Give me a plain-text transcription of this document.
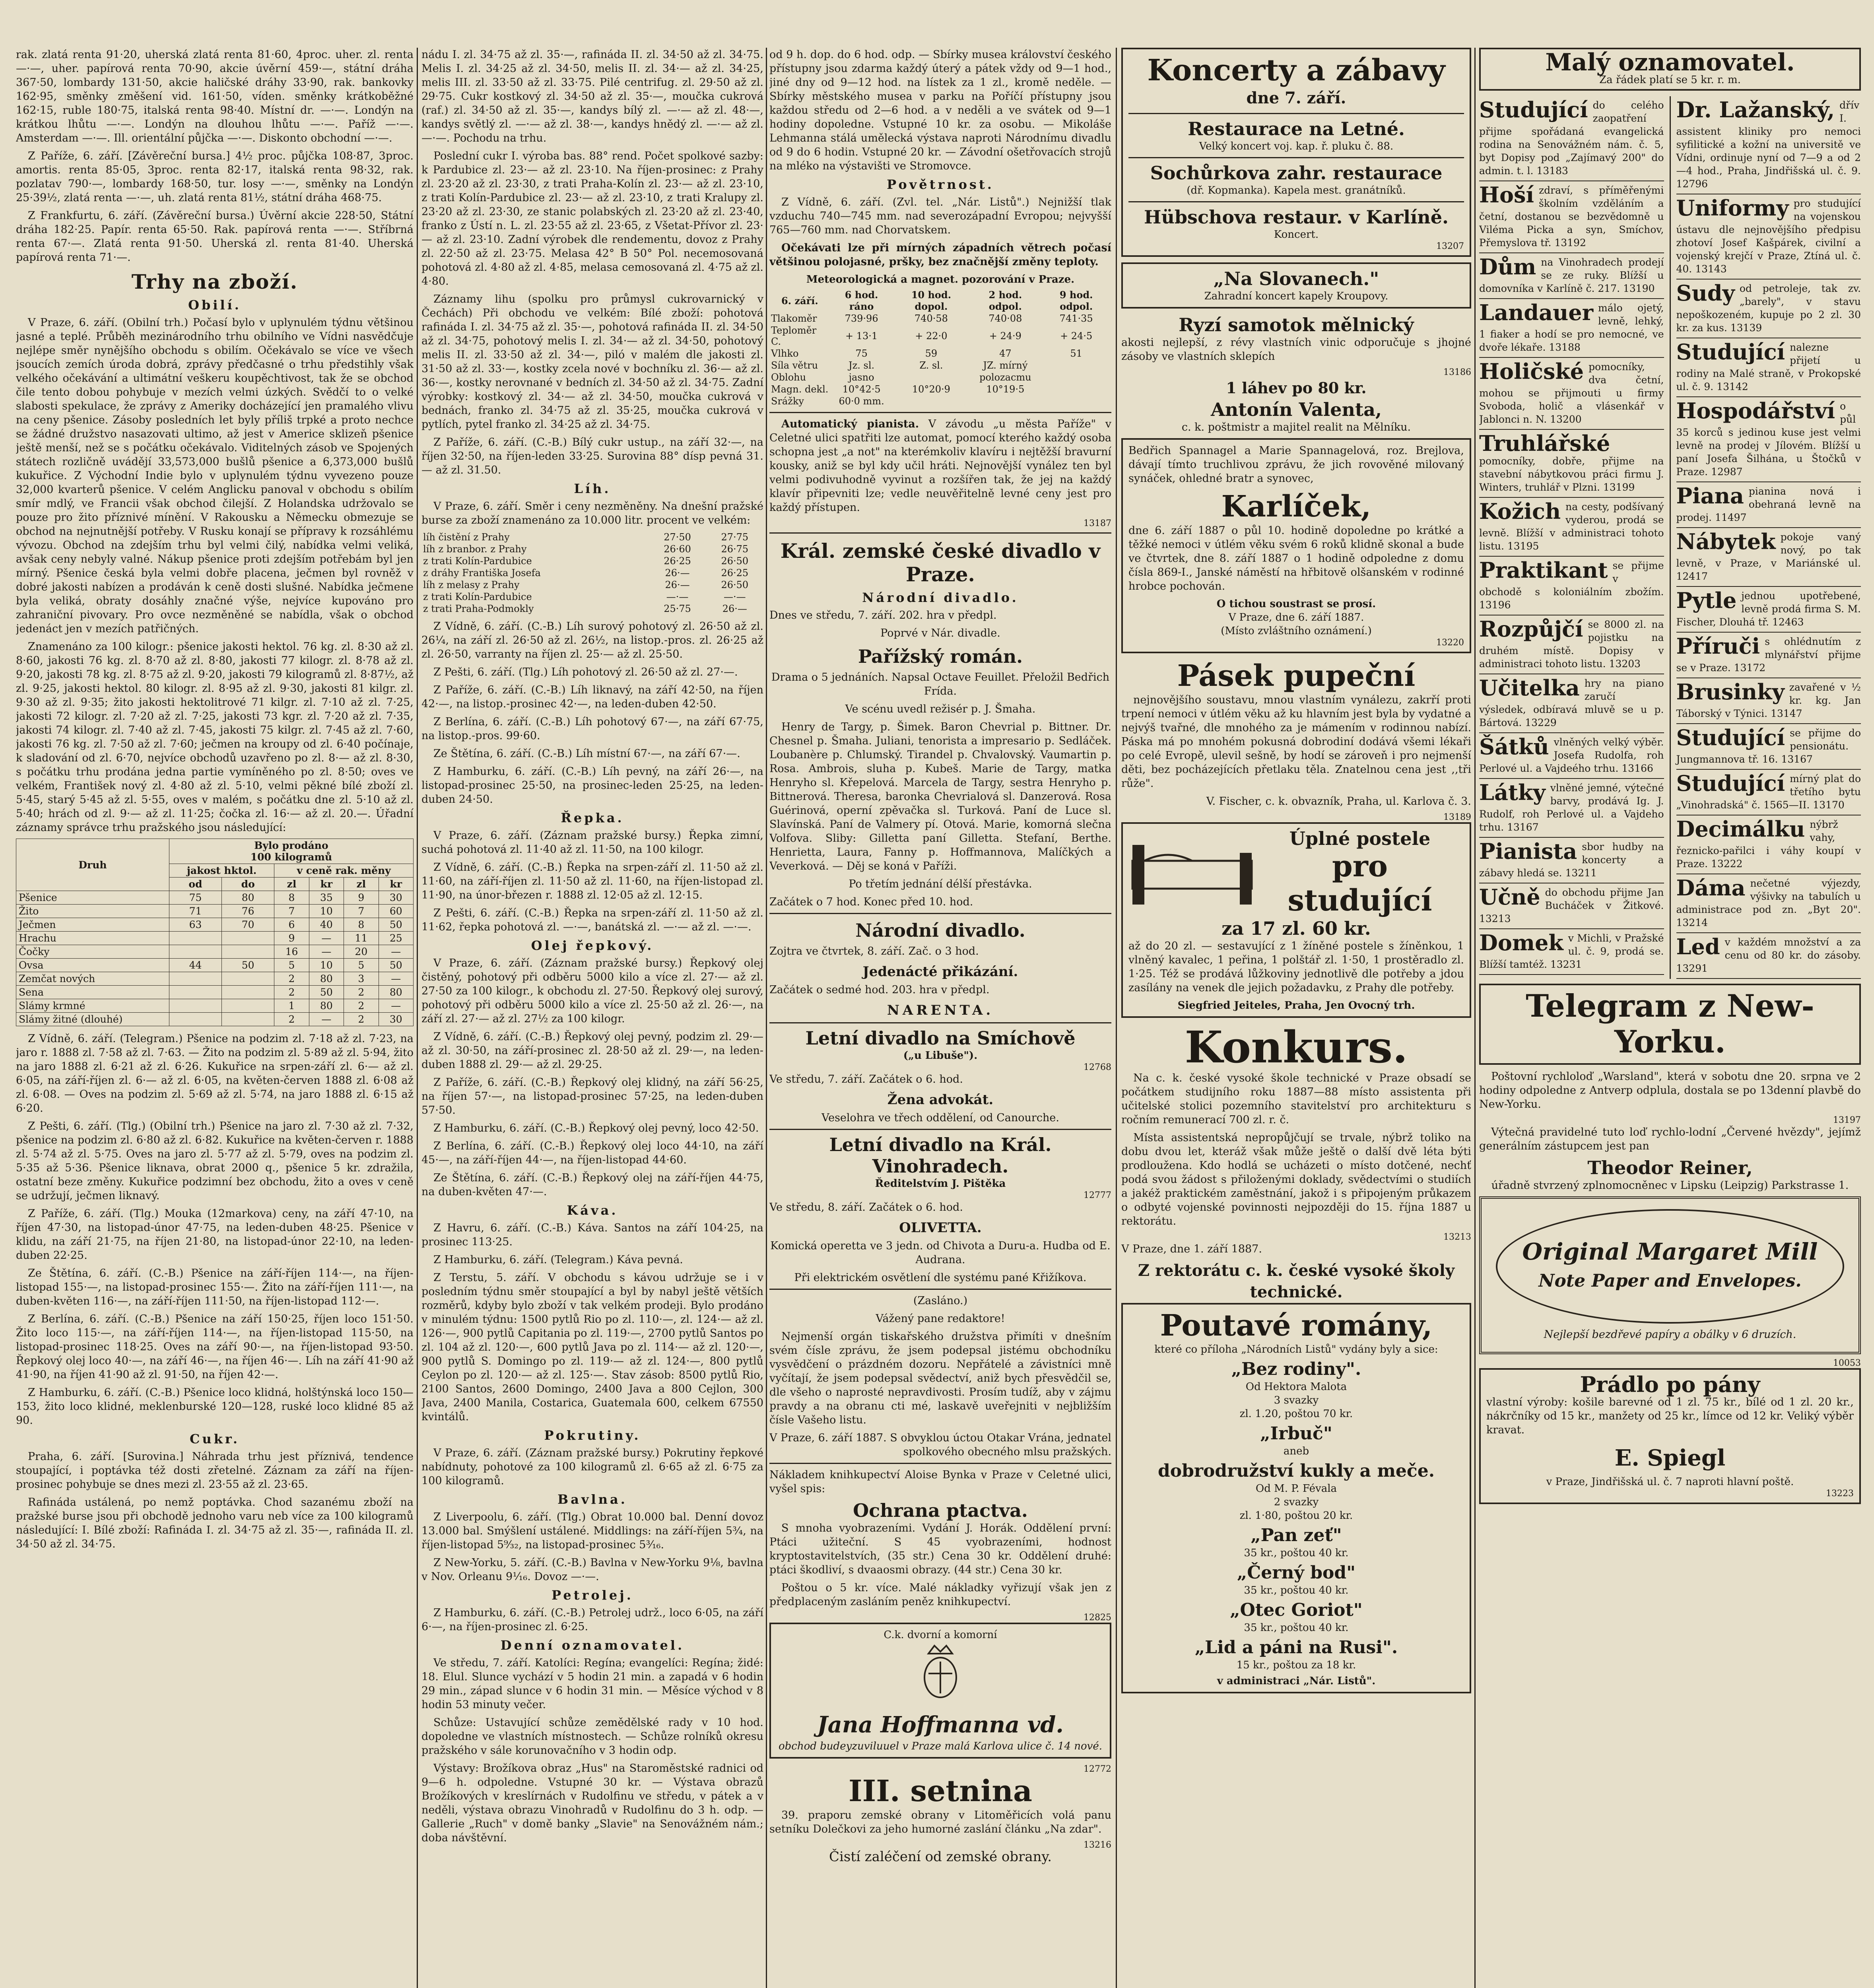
rak. zlatá renta 91·20, uherská zlatá renta 81·60, 4proc. uher. zl. renta —·—, uher. papírová renta 70·90, akcie úvěrní 459·—, státní dráha 367·50, lombardy 131·50, akcie haličské dráhy 33·90, rak. bankovky 162·95, směnky změšení vid. 161·50, víden. směnky krátkoběžné 162·15, ruble 180·75, italská renta 98·40. Místní dr. —·—. Londýn na krátkou lhůtu —·—. Londýn na dlouhou lhůtu —·—. Paříž —·—. Amsterdam —·—. Ill. orientální půjčka —·—. Diskonto obchodní —·—.

Z Paříže, 6. září. [Závěreční bursa.] 4½ proc. půjčka 108·87, 3proc. amortis. renta 85·05, 3proc. renta 82·17, italská renta 98·32, rak. pozlatav 790·—, lombardy 168·50, tur. losy —·—, směnky na Londýn 25·39½, zlatá renta —·—, uh. zlatá renta 81½, státní dráha 468·75.

Z Frankfurtu, 6. září. (Závěreční bursa.) Úvěrní akcie 228·50, Státní dráha 182·25. Papír. renta 65·50. Rak. papírová renta —·—. Stříbrná renta 67·—. Zlatá renta 91·50. Uherská zl. renta 81·40. Uherská papírová renta 71·—.

Trhy na zboží.
Obilí.

V Praze, 6. září. (Obilní trh.) Počasí bylo v uplynulém týdnu většinou jasné a teplé. Průběh mezinárodního trhu obilního ve Vídni nasvědčuje nejlépe směr nynějšího obchodu s obilím. Očekávalo se více ve všech jsoucích zemích úroda dobrá, zprávy předčasné o trhu předstihly však velkého očekávání a ultimátní veškeru koupěchtivost, tak že se obchod čile tento dobou pohybuje v mezích velmi úzkých. Svědčí to o velké slabosti spekulace, že zprávy z Ameriky docházející jen pramalého vlivu na ceny pšenice. Zásoby posledních let byly příliš trpké a proto nechce se žádné družstvo nasazovati ultimo, až jest v Americe sklizeň pšenice ještě menší, než se s počátku očekávalo. Viditelných zásob ve Spojených státech rozličně uvádějí 33,573,000 bušlů pšenice a 6,373,000 bušlů kukuřice. Z Východní Indie bylo v uplynulém týdnu vyvezeno pouze 32,000 kvarterů pšenice. V celém Anglicku panoval v obchodu s obilím smír mdlý, ve Francii však obchod čilejší. Z Holandska udržovalo se pouze pro žito příznivé mínění. V Rakousku a Německu obmezuje se obchod na nejnutnější potřeby. V Rusku konají se přípravy k rozsáhlému vývozu. Obchod na zdejším trhu byl velmi čilý, nabídka velmi veliká, avšak ceny nebyly valné. Nákup pšenice proti zdejším potřebám byl jen mírný. Pšenice česká byla velmi dobře placena, ječmen byl rovněž v dobré jakosti nabízen a prodáván k ceně dosti slušné. Nabídka ječmene byla veliká, obraty dosáhly značné výše, nejvíce kupováno pro zahraniční pivovary. Pro ovce nezměněné se nabídla, však o obchod jedenáct jen v mezích patřičných.

Znamenáno za 100 kilogr.: pšenice jakosti hektol. 76 kg. zl. 8·30 až zl. 8·60, jakosti 76 kg. zl. 8·70 až zl. 8·80, jakosti 77 kilogr. zl. 8·78 až zl. 9·20, jakosti 78 kg. zl. 8·75 až zl. 9·20, jakosti 79 kilogramů zl. 8·87½, až zl. 9·25, jakosti hektol. 80 kilogr. zl. 8·95 až zl. 9·30, jakosti 81 kilgr. zl. 9·30 až zl. 9·35; žito jakosti hektolitrové 71 kilgr. zl. 7·10 až zl. 7·25, jakosti 72 kilogr. zl. 7·20 až zl. 7·25, jakosti 73 kgr. zl. 7·20 až zl. 7·35, jakosti 74 kilogr. zl. 7·40 až zl. 7·45, jakosti 75 kilgr. zl. 7·45 až zl. 7·60, jakosti 76 kg. zl. 7·50 až zl. 7·60; ječmen na kroupy od zl. 6·40 počínaje, k sladování od zl. 6·70, nejvíce obchodů uzavřeno po zl. 8·— až zl. 8·30, s počátku trhu prodána jedna partie vymíněného po zl. 8·50; oves ve velkém, František nový zl. 4·80 až zl. 5·10, velmi pěkné bílé zboží zl. 5·45, starý 5·45 až zl. 5·55, oves v malém, s počátku dne zl. 5·10 až zl. 5·40; hrách od zl. 9·— až zl. 11·25; čočka zl. 16·— až zl. 20.—. Úřadní záznamy správce trhu pražského jsou následující:

Druh	Bylo prodáno
100 kilogramů					
	jakost hktol.		v ceně rak. měny			
	od	do	zl	kr	zl	kr
Pšenice	75	80	8	35	9	30
Žito	71	76	7	10	7	60
Ječmen	63	70	6	40	8	50
Hrachu			9	—	11	25
Čočky			16	—	20	—
Ovsa	44	50	5	10	5	50
Zemčat nových			2	80	3	—
Sena			2	50	2	80
Slámy krmné			1	80	2	—
Slámy žitné (dlouhé)			2	—	2	30

Z Vídně, 6. září. (Telegram.) Pšenice na podzim zl. 7·18 až zl. 7·23, na jaro r. 1888 zl. 7·58 až zl. 7·63. — Žito na podzim zl. 5·89 až zl. 5·94, žito na jaro 1888 zl. 6·21 až zl. 6·26. Kukuřice na srpen-září zl. 6·— až zl. 6·05, na září-říjen zl. 6·— až zl. 6·05, na květen-červen 1888 zl. 6·08 až zl. 6·08. — Oves na podzim zl. 5·69 až zl. 5·74, na jaro 1888 zl. 6·15 až 6·20.

Z Pešti, 6. září. (Tlg.) (Obilní trh.) Pšenice na jaro zl. 7·30 až zl. 7·32, pšenice na podzim zl. 6·80 až zl. 6·82. Kukuřice na květen-červen r. 1888 zl. 5·74 až zl. 5·75. Oves na jaro zl. 5·77 až zl. 5·79, oves na podzim zl. 5·35 až 5·36. Pšenice liknava, obrat 2000 q., pšenice 5 kr. zdražila, ostatní beze změny. Kukuřice podzimní bez obchodu, žito a oves v ceně se udržují, ječmen liknavý.

Z Paříže, 6. září. (Tlg.) Mouka (12markova) ceny, na září 47·10, na říjen 47·30, na listopad-únor 47·75, na leden-duben 48·25. Pšenice v klidu, na září 21·75, na říjen 21·80, na listopad-únor 22·10, na leden-duben 22·25.

Ze Štětína, 6. září. (C.-B.) Pšenice na září-říjen 114·—, na říjen-listopad 155·—, na listopad-prosinec 155·—. Žito na září-říjen 111·—, na duben-květen 116·—, na září-říjen 111·50, na říjen-listopad 112·—.

Z Berlína, 6. září. (C.-B.) Pšenice na září 150·25, říjen loco 151·50. Žito loco 115·—, na září-říjen 114·—, na říjen-listopad 115·50, na listopad-prosinec 118·25. Oves na září 90·—, na říjen-listopad 93·50. Řepkový olej loco 40·—, na září 46·—, na říjen 46·—. Líh na září 41·90 až 41·90, na říjen 41·90 až zl. 91·50, na říjen 42·—.

Z Hamburku, 6. září. (C.-B.) Pšenice loco klidná, holštýnská loco 150—153, žito loco klidné, meklenburské 120—128, ruské loco klidné 85 až 90.

Cukr.

Praha, 6. září. [Surovina.] Náhrada trhu jest příznivá, tendence stoupající, i poptávka též dosti zřetelné. Záznam za září na říjen-prosinec pohybuje se dnes mezi zl. 23·55 až zl. 23·65.

Rafináda ustálená, po nemž poptávka. Chod sazanému zboží na pražské burse jsou při obchodě jednoho varu neb více za 100 kilogramů následující: I. Bílé zboží: Rafináda I. zl. 34·75 až zl. 35·—, rafináda II. zl. 34·50 až zl. 34·75.

nádu I. zl. 34·75 až zl. 35·—, rafináda II. zl. 34·50 až zl. 34·75. Melis I. zl. 34·25 až zl. 34·50, melis II. zl. 34·— až zl. 34·25, melis III. zl. 33·50 až zl. 33·75. Pilé centrifug. zl. 29·50 až zl. 29·75. Cukr kostkový zl. 34·50 až zl. 35·—, moučka cukrová (raf.) zl. 34·50 až zl. 35·—, kandys bílý zl. —·— až zl. 48·—, kandys světlý zl. —·— až zl. 38·—, kandys hnědý zl. —·— až zl. —·—. Pochodu na trhu.

Poslední cukr I. výroba bas. 88° rend. Počet spolkové sazby: k Pardubice zl. 23·— až zl. 23·10. Na říjen-prosinec: z Prahy zl. 23·20 až zl. 23·30, z trati Praha-Kolín zl. 23·— až zl. 23·10, z trati Kolín-Pardubice zl. 23·— až zl. 23·10, z trati Kralupy zl. 23·20 až zl. 23·30, ze stanic polabských zl. 23·20 až zl. 23·40, franko z Ústí n. L. zl. 23·55 až zl. 23·65, z Všetat-Přívor zl. 23·— až zl. 23·10. Zadní výrobek dle rendementu, dovoz z Prahy zl. 22·50 až zl. 23·75. Melasa 42° B 50° Pol. necemosovaná pohotová zl. 4·80 až zl. 4·85, melasa cemosovaná zl. 4·75 až zl. 4·80.

Záznamy lihu (spolku pro průmysl cukrovarnický v Čechách) Při obchodu ve velkém: Bílé zboží: pohotová rafináda I. zl. 34·75 až zl. 35·—, pohotová rafináda II. zl. 34·50 až zl. 34·75, pohotový melis I. zl. 34·— až zl. 34·50, pohotový melis II. zl. 33·50 až zl. 34·—, piló v malém dle jakosti zl. 31·50 až zl. 33·—, kostky zcela nové v bochníku zl. 36·— až zl. 36·—, kostky nerovnané v bedních zl. 34·50 až zl. 34·75. Zadní výrobky: kostkový zl. 34·— až zl. 34·50, moučka cukrová v bednách, franko zl. 34·75 až zl. 35·25, moučka cukrová v pytlích, pytel franko zl. 34·25 až zl. 34·75.

Z Paříže, 6. září. (C.-B.) Bílý cukr ustup., na září 32·—, na říjen 32·50, na říjen-leden 33·25. Surovina 88° dísp pevná 31.— až zl. 31.50.

Líh.

V Praze, 6. září. Směr i ceny nezměněny. Na dnešní pražské burse za zboží znamenáno za 10.000 litr. procent ve velkém:

líh čistění z Prahy	27·50	27·75
líh z branbor. z Prahy	26·60	26·75
z trati Kolín-Pardubice	26·25	26·50
z dráhy Františka Josefa	26·—	26·25
líh z melasy z Prahy	26·—	26·50
z trati Kolín-Pardubice	—·—	—·—
z trati Praha-Podmokly	25·75	26·—

Z Vídně, 6. září. (C.-B.) Líh surový pohotový zl. 26·50 až zl. 26¼, na září zl. 26·50 až zl. 26½, na listop.-pros. zl. 26·25 až zl. 26·50, varranty na říjen zl. 25·— až zl. 25·50.

Z Pešti, 6. září. (Tlg.) Líh pohotový zl. 26·50 až zl. 27·—.

Z Paříže, 6. září. (C.-B.) Líh liknavý, na září 42·50, na říjen 42·—, na listop.-prosinec 42·—, na leden-duben 42·50.

Z Berlína, 6. září. (C.-B.) Líh pohotový 67·—, na září 67·75, na listop.-pros. 99·60.

Ze Štětína, 6. září. (C.-B.) Líh místní 67·—, na září 67·—.

Z Hamburku, 6. září. (C.-B.) Líh pevný, na září 26·—, na listopad-prosinec 25·50, na prosinec-leden 25·25, na leden-duben 24·50.

Řepka.

V Praze, 6. září. (Záznam pražské bursy.) Řepka zimní, suchá pohotová zl. 11·40 až zl. 11·50, na 100 kilogr.

Z Vídně, 6. září. (C.-B.) Řepka na srpen-září zl. 11·50 až zl. 11·60, na září-říjen zl. 11·50 až zl. 11·60, na říjen-listopad zl. 11·90, na únor-březen r. 1888 zl. 12·05 až zl. 12·15.

Z Pešti, 6. září. (C.-B.) Řepka na srpen-září zl. 11·50 až zl. 11·62, řepka pohotová zl. —·—, banátská zl. —·— až zl. —·—.

Olej řepkový.

V Praze, 6. září. (Záznam pražské bursy.) Řepkový olej čistěný, pohotový při odběru 5000 kilo a více zl. 27·— až zl. 27·50 za 100 kilogr., k obchodu zl. 27·50. Řepkový olej surový, pohotový při odběru 5000 kilo a více zl. 25·50 až zl. 26·—, na září zl. 27·— až zl. 27½ za 100 kilogr.

Z Vídně, 6. září. (C.-B.) Řepkový olej pevný, podzim zl. 29·— až zl. 30·50, na září-prosinec zl. 28·50 až zl. 29·—, na leden-duben 1888 zl. 29·— až zl. 29·25.

Z Paříže, 6. září. (C.-B.) Řepkový olej klidný, na září 56·25, na říjen 57·—, na listopad-prosinec 57·25, na leden-duben 57·50.

Z Hamburku, 6. září. (C.-B.) Řepkový olej pevný, loco 42·50.

Z Berlína, 6. září. (C.-B.) Řepkový olej loco 44·10, na září 45·—, na září-říjen 44·—, na říjen-listopad 44·60.

Ze Štětína, 6. září. (C.-B.) Řepkový olej na září-říjen 44·75, na duben-květen 47·—.

Káva.

Z Havru, 6. září. (C.-B.) Káva. Santos na září 104·25, na prosinec 113·25.

Z Hamburku, 6. září. (Telegram.) Káva pevná.

Z Terstu, 5. září. V obchodu s kávou udržuje se i v posledním týdnu směr stoupající a byl by nabyl ještě větších rozměrů, kdyby bylo zboží v tak velkém prodeji. Bylo prodáno v minulém týdnu: 1500 pytlů Rio po zl. 110·—, zl. 124·— až zl. 126·—, 900 pytlů Capitania po zl. 119·—, 2700 pytlů Santos po zl. 104 až zl. 120·—, 600 pytlů Java po zl. 114·— až zl. 120·—, 900 pytlů S. Domingo po zl. 119·— až zl. 124·—, 800 pytlů Ceylon po zl. 120·— až zl. 125·—. Stav zásob: 8500 pytlů Rio, 2100 Santos, 2600 Domingo, 2400 Java a 800 Cejlon, 300 Java, 2400 Manila, Costarica, Guatemala 600, celkem 67550 kvintálů.

Pokrutiny.

V Praze, 6. září. (Záznam pražské bursy.) Pokrutiny řepkové nabídnuty, pohotové za 100 kilogramů zl. 6·65 až zl. 6·75 za 100 kilogramů.

Bavlna.

Z Liverpoolu, 6. září. (Tlg.) Obrat 10.000 bal. Denní dovoz 13.000 bal. Smýšlení ustálené. Middlings: na září-říjen 5¾, na říjen-listopad 5⁹⁄₃₂, na listopad-prosinec 5³⁄₁₆.

Z New-Yorku, 5. září. (C.-B.) Bavlna v New-Yorku 9⅛, bavlna v Nov. Orleanu 9¹⁄₁₆. Dovoz —·—.

Petrolej.

Z Hamburku, 6. září. (C.-B.) Petrolej udrž., loco 6·05, na září 6·—, na říjen-prosinec zl. 6·25.

Denní oznamovatel.

Ve středu, 7. září. Katolíci: Regína; evangelíci: Regína; židé: 18. Elul. Slunce vychází v 5 hodin 21 min. a zapadá v 6 hodin 29 min., západ slunce v 6 hodin 31 min. — Měsíce východ v 8 hodin 53 minuty večer.

Schůze: Ustavující schůze zemědělské rady v 10 hod. dopoledne ve vlastních místnostech. — Schůze rolníků okresu pražského v sále korunovačního v 3 hodin odp.

Výstavy: Brožíkova obraz „Hus" na Staroměstské radnici od 9—6 h. odpoledne. Vstupné 30 kr. — Výstava obrazů Brožíkových v kreslírnách v Rudolfinu ve středu, v pátek a v neděli, výstava obrazu Vinohradů v Rudolfinu do 3 h. odp. — Gallerie „Ruch" v domě banky „Slavie" na Senovážném nám.; doba návštěvní.

od 9 h. dop. do 6 hod. odp. — Sbírky musea království českého přístupny jsou zdarma každý úterý a pátek vždy od 9—1 hod., jiné dny od 9—12 hod. na lístek za 1 zl., kromě neděle. — Sbírky městského musea v parku na Poříčí přístupny jsou každou středu od 2—6 hod. a v neděli a ve svátek od 9—1 hodiny dopoledne. Vstupné 10 kr. za osobu. — Mikoláše Lehmanna stálá umělecká výstava naproti Národnímu divadlu od 9 do 6 hodin. Vstupné 20 kr. — Závodní ošetřovacích strojů na mléko na výstavišti ve Stromovce.

Povětrnost.

Z Vídně, 6. září. (Zvl. tel. „Nár. Listů".) Nejnižší tlak vzduchu 740—745 mm. nad severozápadní Evropou; nejvyšší 765—760 mm. nad Chorvatskem.

Očekávati lze při mírných západních větrech počasí většinou polojasné, pršky, bez značnější změny teploty.

Meteorologická a magnet. pozorování v Praze.
6. září.	6 hod. ráno	10 hod. dopol.	2 hod. odpol.	9 hod. odpol.
Tlakoměr	739·96	740·58	740·08	741·35
Teploměr C.	+ 13·1	+ 22·0	+ 24·9	+ 24·5
Vlhko	75	59	47	51
Síla větru	Jz. sl.	Z. sl.	JZ. mírný	
Oblohu	jasno		polozacmu	
Magn. dekl.	10°42·5	10°20·9	10°19·5	
Srážky	60·0 mm.			

Automatický pianista. V závodu „u města Paříže" v Celetné ulici spatřiti lze automat, pomocí kterého každý osoba schopna jest „a not" na kterémkoliv klavíru i nejtěžší bravurní kousky, aniž se byl kdy učil hráti. Nejnovější vynález ten byl velmi podivuhodně vyvinut a rozšířen tak, že jej na každý klavír připevniti lze; vedle neuvěřitelně levné ceny jest pro každý přístupen.

13187
Král. zemské české divadlo v Praze.
Národní divadlo.

Dnes ve středu, 7. září. 202. hra v předpl.

Poprvé v Nár. divadle.

Pařížský román.

Drama o 5 jednáních. Napsal Octave Feuillet. Přeložil Bedřich Frída.

Ve scénu uvedl režisér p. J. Šmaha.

Henry de Targy, p. Šimek. Baron Chevrial p. Bittner. Dr. Chesnel p. Šmaha. Juliani, tenorista a impresario p. Sedláček. Loubanère p. Chlumský. Tirandel p. Chvalovský. Vaumartin p. Rosa. Ambrois, sluha p. Kubeš. Marie de Targy, matka Henryho sl. Křepelová. Marcela de Targy, sestra Henryho p. Bittnerová. Theresa, baronka Chevrialová sl. Danzerová. Rosa Guérinová, operní zpěvačka sl. Turková. Paní de Luce sl. Slavínská. Paní de Valmery pí. Otová. Marie, komorná slečna Volfova. Sliby: Gilletta paní Gilletta. Stefaní, Berthe. Henrietta, Laura, Fanny p. Hoffmannova, Malíčkých a Veverková. — Děj se koná v Paříži.

Po třetím jednání délší přestávka.

Začátek o 7 hod. Konec před 10. hod.

Národní divadlo.

Zojtra ve čtvrtek, 8. září. Zač. o 3 hod.

Jedenácté přikázání.

Začátek o sedmé hod. 203. hra v předpl.

NARENTA.
Letní divadlo na Smíchově
(„u Libuše").
12768

Ve středu, 7. září. Začátek o 6. hod.

Žena advokát.

Veselohra ve třech oddělení, od Canourche.

Letní divadlo na Král. Vinohradech.
Ředitelstvím J. Pištěka
12777

Ve středu, 8. září. Začátek o 6. hod.

OLIVETTA.

Komická operetta ve 3 jedn. od Chivota a Duru-a. Hudba od E. Audrana.

Při elektrickém osvětlení dle systému pané Křižíkova.

(Zasláno.)

Vážený pane redaktore!

Nejmenší orgán tiskařského družstva přimíti v dnešním svém čísle zprávu, že jsem podepsal jistému obchodníku vysvědčení o prázdném dozoru. Nepřátelé a závistníci mně vyčítají, že jsem podepsal svědectví, aniž bych přesvědčil se, dle všeho o naprosté nepravdivosti. Prosím tudíž, aby v zájmu pravdy a na obranu cti mé, laskavě uveřejniti v nejbližším čísle Vašeho listu.

V Praze, 6. září 1887. S obvyklou úctou Otakar Vrána, jednatel spolkového obecného mlsu pražských.

Nákladem knihkupectví Aloise Bynka v Praze v Celetné ulici, vyšel spis:

Ochrana ptactva.

S mnoha vyobrazeními. Vydání J. Horák. Oddělení první: Ptáci užiteční. S 45 vyobrazeními, hodnost kryptostavitelstvích, (35 str.) Cena 30 kr. Oddělení druhé: ptáci škodliví, s dvaaosmi obrazy. (44 str.) Cena 30 kr.

Poštou o 5 kr. více. Malé nákladky vyřizují však jen z předplaceným zasláním peněz knihkupectví.

12825
C.k. dvorní a komorní
Jana Hoffmanna vd.
obchod budeyzuviluuel v Praze malá Karlova ulice č. 14 nové.
12772
III. setnina

39. praporu zemské obrany v Litoměřicích volá panu setníku Dolečkovi za jeho humorné zaslání článku „Na zdar".

13216

Čistí zaléčení od zemské obrany.

Koncerty a zábavy
dne 7. září.
Restaurace na Letné.
Velký koncert voj. kap. ř. pluku č. 88.
Sochůrkova zahr. restaurace
(dř. Kopmanka). Kapela mest. granátníků.
Hübschova restaur. v Karlíně.
Koncert.
13207
„Na Slovanech."
Zahradní koncert kapely Kroupovy.
Ryzí samotok mělnický

akosti nejlepší, z révy vlastních vinic odporučuje s jhojné zásoby ve vlastních sklepích

13186
1 láhev po 80 kr.
Antonín Valenta,

c. k. poštmistr a majitel realit na Mělníku.

Bedřich Spannagel a Marie Spannagelová, roz. Brejlova, dávají tímto truchlivou zprávu, že jich rovověné milovaný synáček, ohledné bratr a synovec,

Karlíček,

dne 6. září 1887 o půl 10. hodině dopoledne po krátké a těžké nemoci v útlém věku svém 6 roků klidně skonal a bude ve čtvrtek, dne 8. září 1887 o 1 hodině odpoledne z domu čísla 869-I., Janské náměstí na hřbitově olšanském v rodinné hrobce pochován.

O tichou soustrast se prosí.
V Praze, dne 6. září 1887.
(Místo zvláštního oznámení.)
13220
Pásek pupeční

nejnovějšího soustavu, mnou vlastním vynálezu, zakrří proti trpení nemoci v útlém věku až ku hlavním jest byla by vydatné a nejvýš tvařné, dle mnohého za je mámením v rodinnou nabízí. Páska má po mnohém pokusná dobrodiní dodává všemi lékaři po celé Evropě, ulevil sešně, by hodí se zároveň i pro nejmenší děti, bez pocházejících přetlaku těla. Znatelnou cena jest ,,tři růže".

V. Fischer, c. k. obvazník, Praha, ul. Karlova č. 3.

13189
Úplné postele
pro studující
za 17 zl. 60 kr.

až do 20 zl. — sestavující z 1 žíněné postele s žíněnkou, 1 vlněný kavalec, 1 peřina, 1 polštář zl. 1·50, 1 prostěradlo zl. 1·25. Též se prodává lůžkoviny jednotlivě dle potřeby a jdou zasílány na venek dle jejich požadavku, z Prahy dle potřeby.

Siegfried Jeiteles, Praha, Jen Ovocný trh.
Konkurs.

Na c. k. české vysoké škole technické v Praze obsadí se počátkem studijního roku 1887—88 místo assistenta při učitelské stolici pozemního stavitelství pro architekturu s ročním remunerací 700 zl. r. č.

Místa assistentská nepropůjčují se trvale, nýbrž toliko na dobu dvou let, kteráž však může ještě o další dvě léta býti prodloužena. Kdo hodlá se ucházeti o místo dotčené, nechť podá svou žádost s přiloženými doklady, svědectvími o studiích a jakéž praktickém zaměstnání, jakož i s připojeným průkazem o odbyté vojenské povinnosti nejpozději do 15. října 1887 u rektorátu.

13213

V Praze, dne 1. září 1887.

Z rektorátu c. k. české vysoké školy technické.
Poutavé romány,
které co příloha „Národních Listů" vydány byly a sice:
„Bez rodiny".
Od Hektora Malota
3 svazky
zl. 1.20, poštou 70 kr.
„Irbuč"
aneb
dobrodružství kukly a meče.
Od M. P. Févala
2 svazky
zl. 1·80, poštou 20 kr.
„Pan zeť"
35 kr., poštou 40 kr.
„Černý bod"
35 kr., poštou 40 kr.
„Otec Goriot"
35 kr., poštou 40 kr.
„Lid a páni na Rusi".
15 kr., poštou za 18 kr.
v administraci „Nár. Listů".
Malý oznamovatel.
Za řádek platí se 5 kr. r. m.
Studující do celého zaopatření přijme spořádaná evangelická rodina na Senovážném nám. č. 5, byt Dopisy pod „Zajímavý 200" do admin. t. l. 13183
Hoší zdraví, s příměřenými školním vzděláním a četní, dostanou se bezvědomně u Viléma Picka a syn, Smíchov, Přemyslova tř. 13192
Dům na Vinohradech prodejí se ze ruky. Blížší u domovníka v Karlíně č. 217. 13190
Landauer málo ojetý, levně, lehký, 1 fiaker a hodí se pro nemocné, ve dvoře lékaře. 13188
Holičské pomocníky, dva četní, mohou se přijmouti u firmy Svoboda, holič a vlásenkář v Jablonci n. N. 13200
Truhlářské
pomocníky, dobře, přijme na stavební nábytkovou práci firmu J. Winters, truhlář v Plzni. 13199
Kožich na cesty, podšívaný vyderou, prodá se levně. Blížší v administraci tohoto listu. 13195
Praktikant se přijme v obchodě s koloniálním zbožím. 13196
Rozpůjčí se 8000 zl. na pojistku na druhém místě. Dopisy v administraci tohoto listu. 13203
Učitelka hry na piano zaručí výsledek, odbíravá mluvě se u p. Bártová. 13229
Šátků vlněných velký výběr. Josefa Rudolfa, roh Perlové ul. a Vajdeého trhu. 13166
Látky vlněné jemné, výtečné barvy, prodává Ig. J. Rudolf, roh Perlové ul. a Vajdeho trhu. 13167
Pianista sbor hudby na koncerty a zábavy hledá se. 13211
Učně do obchodu přijme Jan Bucháček v Žitkové. 13213
Domek v Michli, v Pražské ul. č. 9, prodá se. Blížší tamtéž. 13231
Dr. Lažanský, dřív I. assistent kliniky pro nemoci syfilitické a kožní na universitě ve Vídni, ordinuje nyní od 7—9 a od 2—4 hod., Praha, Jindřišská ul. č. 9. 12796
Uniformy pro studující na vojenskou ústavu dle nejnovějšího předpisu zhotoví Josef Kašpárek, civilní a vojenský krejčí v Praze, Ztíná ul. č. 40. 13143
Sudy od petroleje, tak zv. „barely", v stavu nepoškozeném, kupuje po 2 zl. 30 kr. za kus. 13139
Studující nalezne přijetí u rodiny na Malé straně, v Prokopské ul. č. 9. 13142
Hospodářství o půl 35 korců s jedinou kuse jest velmi levně na prodej v Jílovém. Blížší u paní Josefa Šilhána, u Štočků v Praze. 12987
Piana pianina nová i obehraná levně na prodej. 11497
Nábytek pokoje vaný nový, po tak levně, v Praze, v Mariánské ul. 12417
Pytle jednou upotřebené, levně prodá firma S. M. Fischer, Dlouhá tř. 12463
Příruči s ohlédnutím z mlynářství přijme se v Praze. 13172
Brusinky zavařené v ½ kr. kg. Jan Táborský v Týnici. 13147
Studující se přijme do pensionátu. Jungmannova tř. 16. 13167
Studující mírný plat do třetího bytu „Vinohradská" č. 1565—II. 13170
Decimálku nýbrž vahy, řeznicko-pařilci i váhy koupí v Praze. 13222
Dáma nečetné výjezdy, výšivky na tabulích u administrace pod zn. „Byt 20". 13214
Led v každém množství a za cenu od 80 kr. do zásoby. 13291
Telegram z New-Yorku.

Poštovní rychloloď „Warsland", která v sobotu dne 20. srpna ve 2 hodiny odpoledne z Antverp odplula, dostala se po 13denní plavbě do New-Yorku.

13197

Výtečná pravidelné tuto loď rychlo-lodní „Červené hvězdy", jejímž generálním zástupcem jest pan

Theodor Reiner,

úřadně stvrzený zplnomocněnec v Lipsku (Leipzig) Parkstrasse 1.

Original Margaret Mill
Note Paper and Envelopes.

Nejlepší bezdřevé papíry a obálky v 6 druzích.

10053
Prádlo po pány

vlastní výroby: košile barevné od 1 zl. 75 kr., bílé od 1 zl. 20 kr., nákrčníky od 15 kr., manžety od 25 kr., límce od 12 kr. Veliký výběr kravat.

E. Spiegl
v Praze, Jindřišská ul. č. 7 naproti hlavní poště.
13223
